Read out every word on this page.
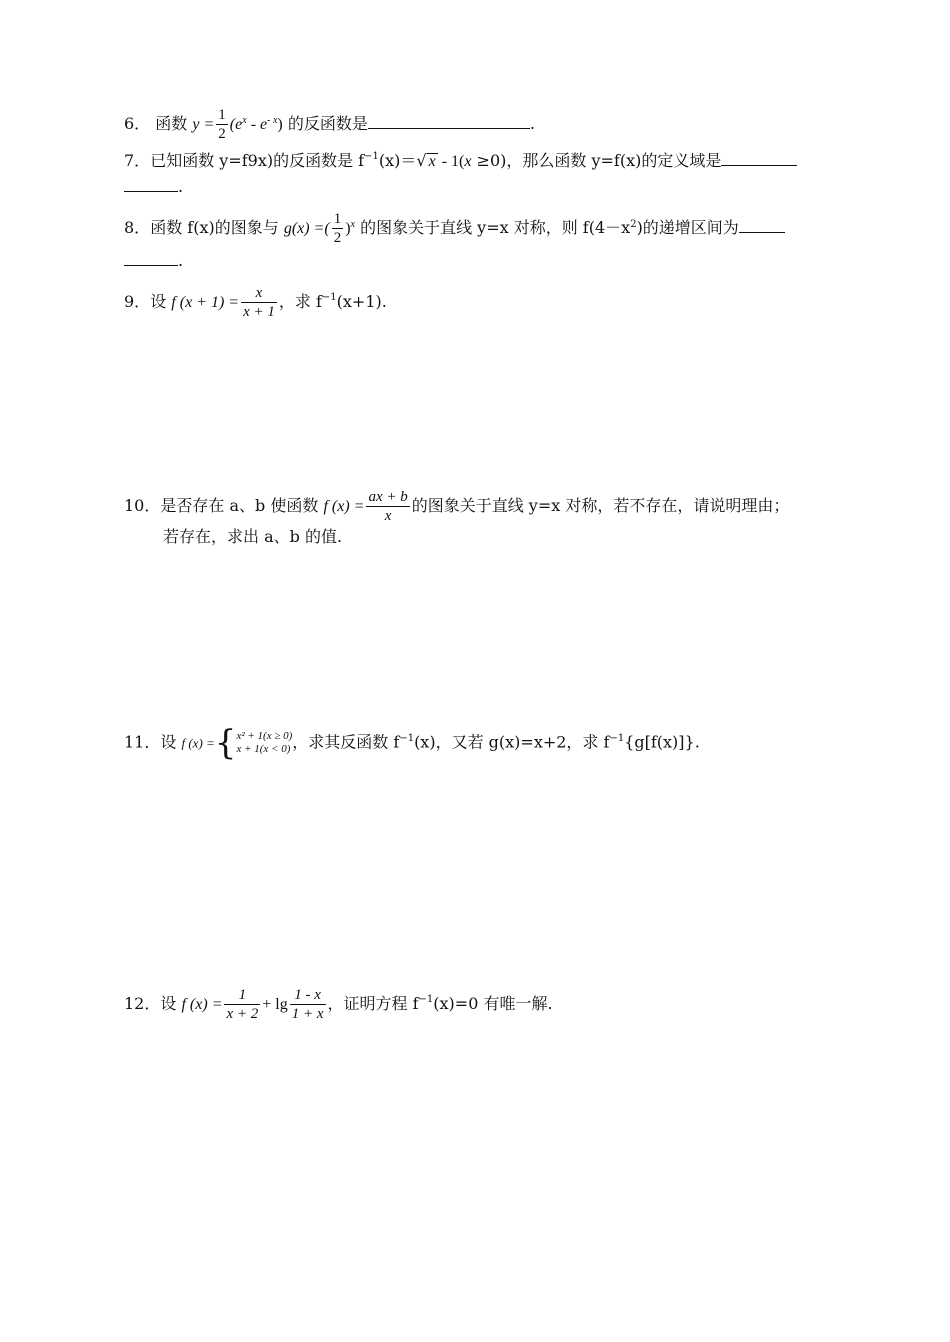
6． 函数 $y = \frac{1}{2} (e^x - e^{- x})$ 的反函数是	.
7．已知函数 y=f9x)的反函数是 $f^{-1}(x)=√$ x - 1(x ≥0)，那么函数 y=f(x)的定义域是
.
8．函数 f(x)的图象与 g(x) =( $\frac{1}{2} )^x$ 的图象关于直线 y=x 对称，则 $f(4-x^2)$的递增区间为
.
9．设 f $(x + 1) = \frac{x}{x + 1}$ ，求 $f^{-1}(x+1)$.
10．是否存在 a、b 使函数 f $(x) = \frac{ax + b}{x}$ 的图象关于直线 y=x 对称，若不存在，请说明理由；
若存在，求出 a、b 的值.
11．设 f (x) ={ x² + 1(x ≥ 0)
x + 1(x < 0) ，求其反函数 $f^{-1}(x)$，又若 g(x)=x+2，求 $f^{-1}\{g[f(x)]\}$.
12．设 f $(x) = \frac{1}{x + 2} + \lg \frac{1 - x}{1 + x}$ ，证明方程 $f^{-1}(x)=0$ 有唯一解.
